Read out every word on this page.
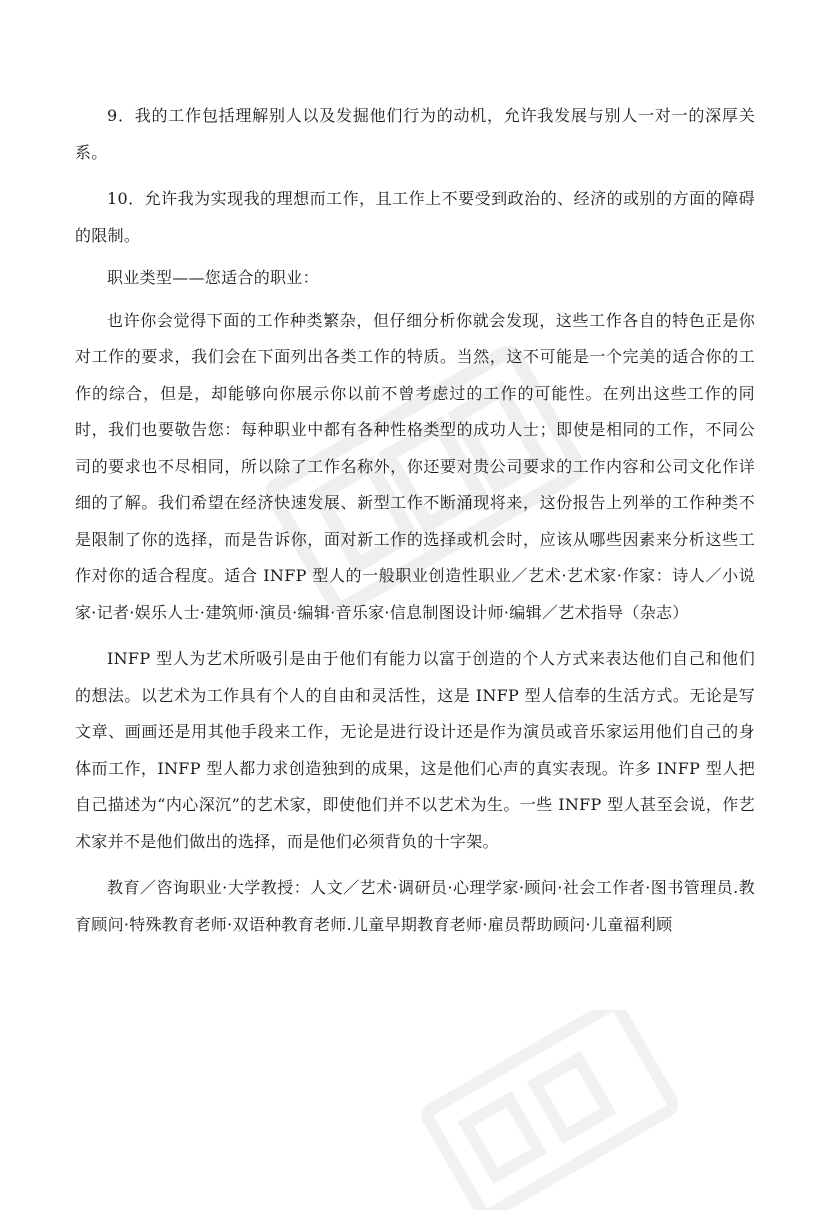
9．我的工作包括理解别人以及发掘他们行为的动机，允许我发展与别人一对一的深厚关系。

10．允许我为实现我的理想而工作，且工作上不要受到政治的、经济的或别的方面的障碍的限制。

职业类型——您适合的职业：

也许你会觉得下面的工作种类繁杂，但仔细分析你就会发现，这些工作各自的特色正是你对工作的要求，我们会在下面列出各类工作的特质。当然，这不可能是一个完美的适合你的工作的综合，但是，却能够向你展示你以前不曾考虑过的工作的可能性。在列出这些工作的同时，我们也要敬告您：每种职业中都有各种性格类型的成功人士；即使是相同的工作，不同公司的要求也不尽相同，所以除了工作名称外，你还要对贵公司要求的工作内容和公司文化作详细的了解。我们希望在经济快速发展、新型工作不断涌现将来，这份报告上列举的工作种类不是限制了你的选择，而是告诉你，面对新工作的选择或机会时，应该从哪些因素来分析这些工作对你的适合程度。适合 INFP 型人的一般职业创造性职业／艺术·艺术家·作家：诗人／小说家·记者·娱乐人士·建筑师·演员·编辑·音乐家·信息制图设计师·编辑／艺术指导（杂志）

INFP 型人为艺术所吸引是由于他们有能力以富于创造的个人方式来表达他们自己和他们的想法。以艺术为工作具有个人的自由和灵活性，这是 INFP 型人信奉的生活方式。无论是写文章、画画还是用其他手段来工作，无论是进行设计还是作为演员或音乐家运用他们自己的身体而工作，INFP 型人都力求创造独到的成果，这是他们心声的真实表现。许多 INFP 型人把自己描述为“内心深沉”的艺术家，即使他们并不以艺术为生。一些 INFP 型人甚至会说，作艺术家并不是他们做出的选择，而是他们必须背负的十字架。

教育／咨询职业·大学教授：人文／艺术·调研员·心理学家·顾问·社会工作者·图书管理员.教育顾问·特殊教育老师·双语种教育老师.儿童早期教育老师·雇员帮助顾问·儿童福利顾
